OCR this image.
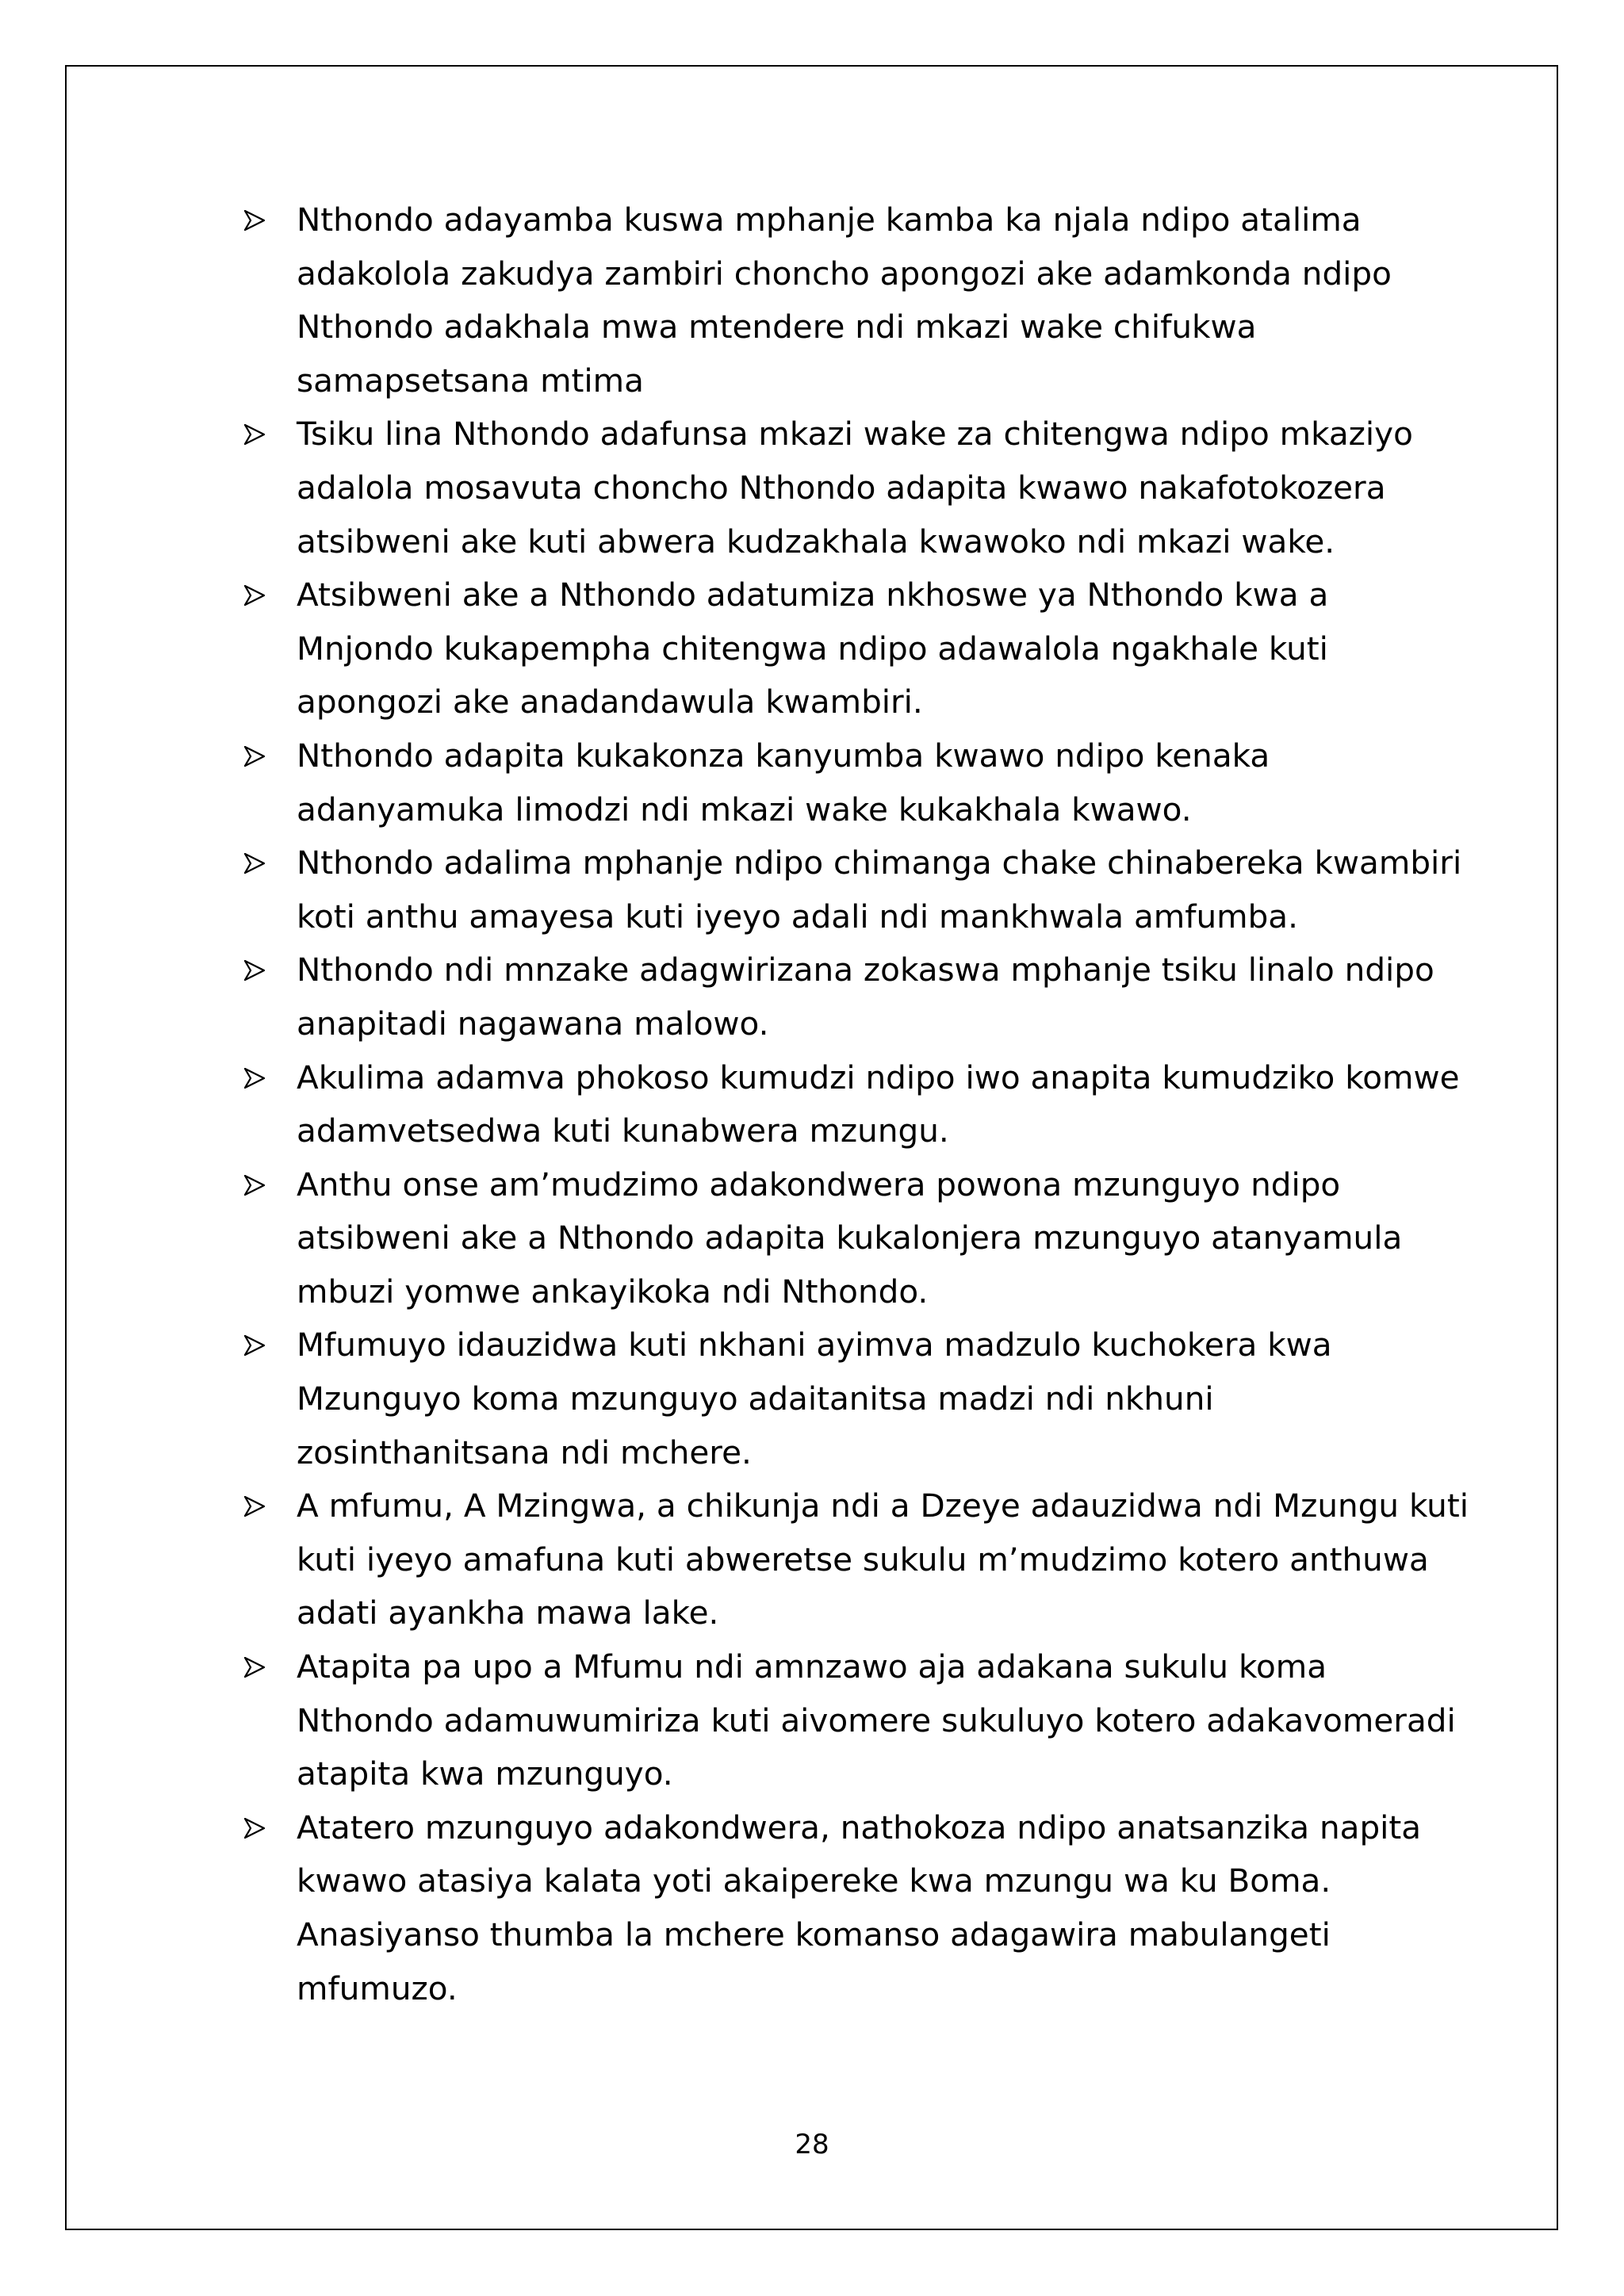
Nthondo adayamba kuswa mphanje kamba ka njala ndipo atalima
adakolola zakudya zambiri choncho apongozi ake adamkonda ndipo
Nthondo adakhala mwa mtendere ndi mkazi wake chifukwa
samapsetsana mtima
Tsiku lina Nthondo adafunsa mkazi wake za chitengwa ndipo mkaziyo
adalola mosavuta choncho Nthondo adapita kwawo nakafotokozera
atsibweni ake kuti abwera kudzakhala kwawoko ndi mkazi wake.
Atsibweni ake a Nthondo adatumiza nkhoswe ya Nthondo kwa a
Mnjondo kukapempha chitengwa ndipo adawalola ngakhale kuti
apongozi ake anadandawula kwambiri.
Nthondo adapita kukakonza kanyumba kwawo ndipo kenaka
adanyamuka limodzi ndi mkazi wake kukakhala kwawo.
Nthondo adalima mphanje ndipo chimanga chake chinabereka kwambiri
koti anthu amayesa kuti iyeyo adali ndi mankhwala amfumba.
Nthondo ndi mnzake adagwirizana zokaswa mphanje tsiku linalo ndipo
anapitadi nagawana malowo.
Akulima adamva phokoso kumudzi ndipo iwo anapita kumudziko komwe
adamvetsedwa kuti kunabwera mzungu.
Anthu onse am’mudzimo adakondwera powona mzunguyo ndipo
atsibweni ake a Nthondo adapita kukalonjera mzunguyo atanyamula
mbuzi yomwe ankayikoka ndi Nthondo.
Mfumuyo idauzidwa kuti nkhani ayimva madzulo kuchokera kwa
Mzunguyo koma mzunguyo adaitanitsa madzi ndi nkhuni
zosinthanitsana ndi mchere.
A mfumu, A Mzingwa, a chikunja ndi a Dzeye adauzidwa ndi Mzungu kuti
kuti iyeyo amafuna kuti abweretse sukulu m’mudzimo kotero anthuwa
adati ayankha mawa lake.
Atapita pa upo a Mfumu ndi amnzawo aja adakana sukulu koma
Nthondo adamuwumiriza kuti aivomere sukuluyo kotero adakavomeradi
atapita kwa mzunguyo.
Atatero mzunguyo adakondwera, nathokoza ndipo anatsanzika napita
kwawo atasiya kalata yoti akaipereke kwa mzungu wa ku Boma.
Anasiyanso thumba la mchere komanso adagawira mabulangeti
mfumuzo.
28
